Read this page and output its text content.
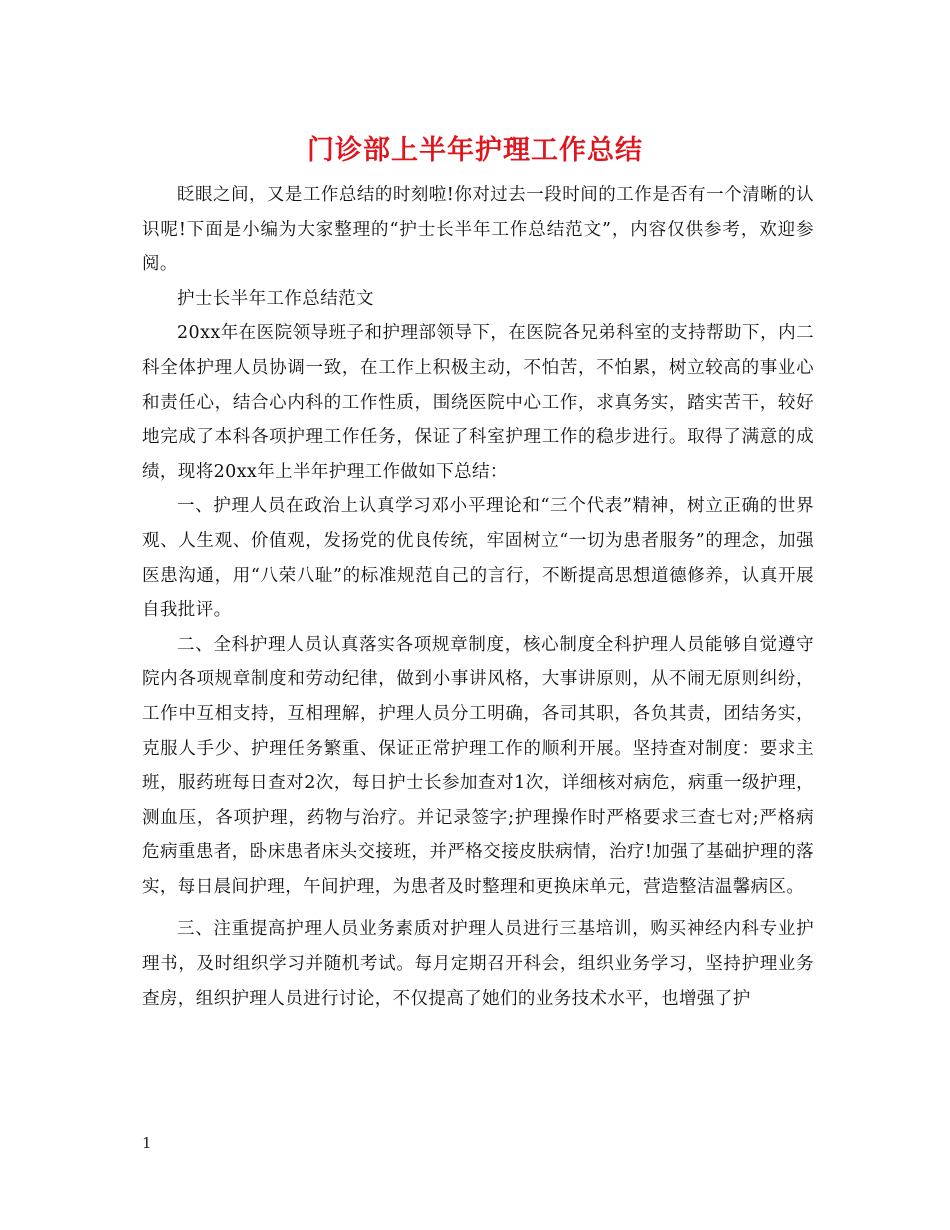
门诊部上半年护理工作总结

眨眼之间，又是工作总结的时刻啦!你对过去一段时间的工作是否有一个清晰的认识呢!下面是小编为大家整理的“护士长半年工作总结范文”，内容仅供参考，欢迎参阅。

护士长半年工作总结范文

20xx年在医院领导班子和护理部领导下，在医院各兄弟科室的支持帮助下，内二科全体护理人员协调一致，在工作上积极主动，不怕苦，不怕累，树立较高的事业心和责任心，结合心内科的工作性质，围绕医院中心工作，求真务实，踏实苦干，较好地完成了本科各项护理工作任务，保证了科室护理工作的稳步进行。取得了满意的成绩，现将20xx年上半年护理工作做如下总结：

一、护理人员在政治上认真学习邓小平理论和“三个代表”精神，树立正确的世界观、人生观、价值观，发扬党的优良传统，牢固树立“一切为患者服务”的理念，加强医患沟通，用“八荣八耻”的标准规范自己的言行，不断提高思想道德修养，认真开展自我批评。

二、全科护理人员认真落实各项规章制度，核心制度全科护理人员能够自觉遵守院内各项规章制度和劳动纪律，做到小事讲风格，大事讲原则，从不闹无原则纠纷，工作中互相支持，互相理解，护理人员分工明确，各司其职，各负其责，团结务实，克服人手少、护理任务繁重、保证正常护理工作的顺利开展。坚持查对制度：要求主班，服药班每日查对2次，每日护士长参加查对1次，详细核对病危，病重一级护理，测血压，各项护理，药物与治疗。并记录签字;护理操作时严格要求三查七对;严格病危病重患者，卧床患者床头交接班，并严格交接皮肤病情，治疗!加强了基础护理的落实，每日晨间护理，午间护理，为患者及时整理和更换床单元，营造整洁温馨病区。

三、注重提高护理人员业务素质对护理人员进行三基培训，购买神经内科专业护理书，及时组织学习并随机考试。每月定期召开科会，组织业务学习，坚持护理业务查房，组织护理人员进行讨论，不仅提高了她们的业务技术水平，也增强了护

1
